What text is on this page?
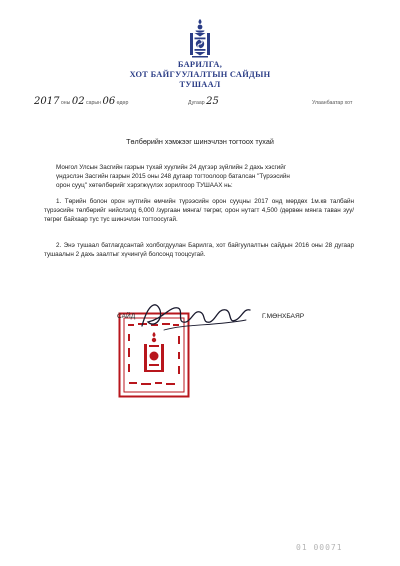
БАРИЛГА,
ХОТ БАЙГУУЛАЛТЫН САЙДЫН
ТУШААЛ
2017 оны 02 сарын 06 өдөр	Дугаар 25	Улаанбаатар хот
Төлбөрийн хэмжээг шинэчлэн тогтоох тухай
Монгол Улсын Засгийн газрын тухай хуулийн 24 дүгээр зүйлийн 2 дахь хэсгийг
үндэслэн Засгийн газрын 2015 оны 248 дугаар тогтоолоор баталсан "Түрээсийн
орон сууц" хөтөлбөрийг хэрэгжүүлэх зорилгоор ТУШААХ нь:
1. Төрийн болон орон нутгийн өмчийн түрээсийн орон сууцны 2017 онд мөрдөх 1м.кв талбайн түрээсийн төлбөрийг нийслэлд 6,000 /зургаан мянга/ төгрөг, орон нутагт 4,500 /дөрвөн мянга таван зуу/ төгрөг байхаар тус тус шинэчлэн тогтоосугай.
2. Энэ тушаал батлагдсантай холбогдуулан Барилга, хот байгуулалтын сайдын 2016 оны 28 дугаар тушаалын 2 дахь заалтыг хүчингүй болсонд тооцсугай.
САЙД	Г.МӨНХБАЯР
01 00071
